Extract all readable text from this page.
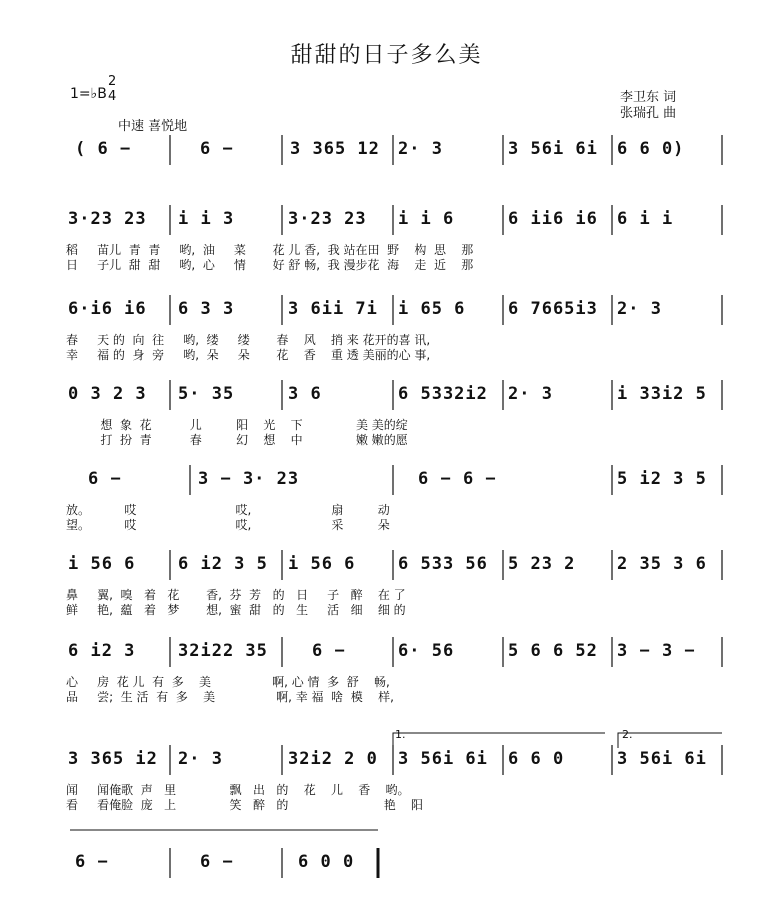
甜甜的日子多么美
1=♭B
2
4
中速 喜悦地
李卫东 词
张瑞孔 曲
( 6 −	6 −	3 365 12 2· 3	3 56i 6i 6 6 0)
3·23 23 i i 3	3·23 23 i i 6	6 ii6 i6 6 i i
稻     苗儿  青  青     哟,  油     菜       花 儿 香,  我 站在田  野    构  思    那
日     子儿  甜  甜     哟,  心     情       好 舒 畅,  我 漫步花  海    走  近    那
6·i6 i6 6 3 3	3 6ii 7i i 65 6	6 7665i3 2· 3
春     天 的  向  往     哟,  缕     缕       春    风    捎 来 花开的喜 讯,
幸     福 的  身  旁     哟,  朵     朵       花    香    重 透 美丽的心 事,
0 3 2 3 5· 35	3 6	6 5332i2 2· 3	i 33i2 5
想  象  花          儿         阳    光    下              美 美的绽
打  扮  青          春         幻    想    中              嫩 嫩的愿
6 −	3 − 3· 23	6 − 6 −	5 i2 3 5
放。         哎                          哎,                     扇         动
望。         哎                          哎,                     采         朵
i 56 6	6 i2 3 5 i 56 6	6 533 56 5 23 2 2 35 3 6
鼻     翼,  嗅   着   花       香,  芬  芳   的   日     子   醉    在 了
鲜     艳,  藴   着   梦       想,  蜜  甜   的   生     活   细    细 的
6 i2 3	32i22 35	6 −	6· 56	5 6 6 52 3 − 3 −
心     房  花 儿  有  多    美                啊, 心 情  多  舒    畅,
品     尝;  生 活  有  多    美                啊, 幸 福  啥  模    样,
3 365 i2 2· 3	32i2 2 0 3 56i 6i 6 6 0	3 56i 6i
闻     闻俺歌  声   里              飘   出   的    花    儿    香    哟。
看     看俺脸  庞   上              笑   醉   的                         艳    阳
6 −	6 −	6 0 0
1.	2.
